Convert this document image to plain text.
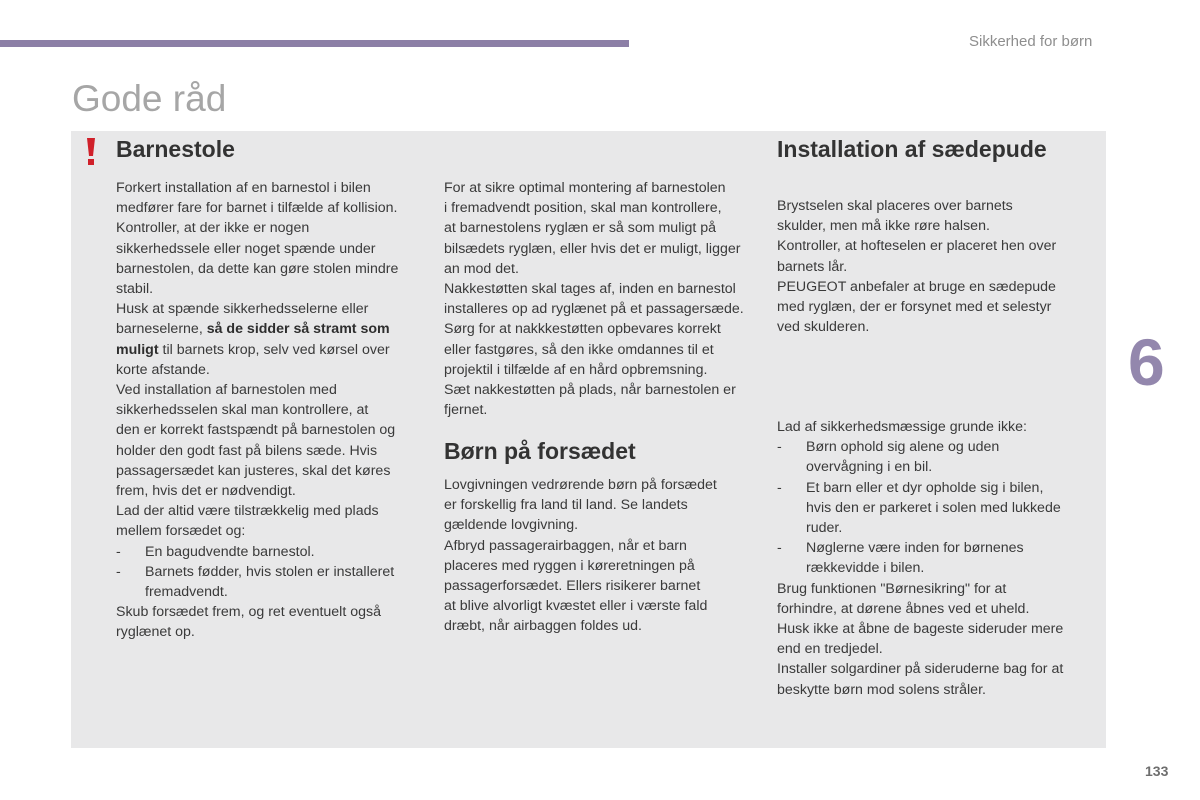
Sikkerhed for børn
Gode råd
Barnestole	Installation af sædepude
Børn på forsædet

Forkert installation af en barnestol i bilen

medfører fare for barnet i tilfælde af kollision.

Kontroller, at der ikke er nogen

sikkerhedssele eller noget spænde under

barnestolen, da dette kan gøre stolen mindre

stabil.

Husk at spænde sikkerhedsselerne eller

barneselerne, så de sidder så stramt som

muligt til barnets krop, selv ved kørsel over

korte afstande.

Ved installation af barnestolen med

sikkerhedsselen skal man kontrollere, at

den er korrekt fastspændt på barnestolen og

holder den godt fast på bilens sæde. Hvis

passagersædet kan justeres, skal det køres

frem, hvis det er nødvendigt.

Lad der altid være tilstrækkelig med plads

mellem forsædet og:

- En bagudvendte barnestol.
- Barnets fødder, hvis stolen er installeret
fremadvendt.

Skub forsædet frem, og ret eventuelt også

ryglænet op.

For at sikre optimal montering af barnestolen

i fremadvendt position, skal man kontrollere,

at barnestolens ryglæn er så som muligt på

bilsædets ryglæn, eller hvis det er muligt, ligger

an mod det.

Nakkestøtten skal tages af, inden en barnestol

installeres op ad ryglænet på et passagersæde.

Sørg for at nakkkestøtten opbevares korrekt

eller fastgøres, så den ikke omdannes til et

projektil i tilfælde af en hård opbremsning.

Sæt nakkestøtten på plads, når barnestolen er

fjernet.

Lovgivningen vedrørende børn på forsædet

er forskellig fra land til land. Se landets

gældende lovgivning.

Afbryd passagerairbaggen, når et barn

placeres med ryggen i køreretningen på

passagerforsædet. Ellers risikerer barnet

at blive alvorligt kvæstet eller i værste fald

dræbt, når airbaggen foldes ud.

Brystselen skal placeres over barnets

skulder, men må ikke røre halsen.

Kontroller, at hofteselen er placeret hen over

barnets lår.

PEUGEOT anbefaler at bruge en sædepude

med ryglæn, der er forsynet med et selestyr

ved skulderen.

Lad af sikkerhedsmæssige grunde ikke:

- Børn ophold sig alene og uden
overvågning i en bil.
- Et barn eller et dyr opholde sig i bilen,
hvis den er parkeret i solen med lukkede
ruder.
- Nøglerne være inden for børnenes
rækkevidde i bilen.

Brug funktionen "Børnesikring" for at

forhindre, at dørene åbnes ved et uheld.

Husk ikke at åbne de bageste sideruder mere

end en tredjedel.

Installer solgardiner på sideruderne bag for at

beskytte børn mod solens stråler.

6
133
